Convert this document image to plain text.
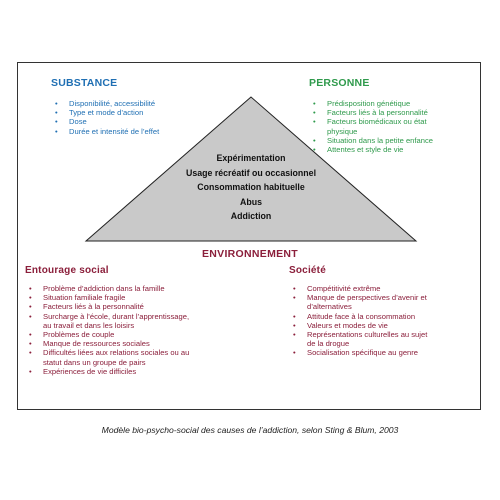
Expérimentation
Usage récréatif ou occasionnel
Consommation habituelle
Abus
Addiction
SUBSTANCE
• Disponibilité, accessibilité
• Type et mode d’action
• Dose
• Durée et intensité de l’effet
PERSONNE
• Prédisposition génétique
• Facteurs liés à la personnalité
• Facteurs biomédicaux ou état
physique
• Situation dans la petite enfance
• Attentes et style de vie
ENVIRONNEMENT
Entourage social
• Problème d’addiction dans la famille
• Situation familiale fragile
• Facteurs liés à la personnalité
• Surcharge à l’école, durant l’apprentissage,
au travail et dans les loisirs
• Problèmes de couple
• Manque de ressources sociales
• Difficultés liées aux relations sociales ou au
statut dans un groupe de pairs
• Expériences de vie difficiles
Société
• Compétitivité extrême
• Manque de perspectives d’avenir et
d’alternatives
• Attitude face à la consommation
• Valeurs et modes de vie
• Représentations culturelles au sujet
de la drogue
• Socialisation spécifique au genre
Modèle bio-psycho-social des causes de l’addiction, selon Sting & Blum, 2003
